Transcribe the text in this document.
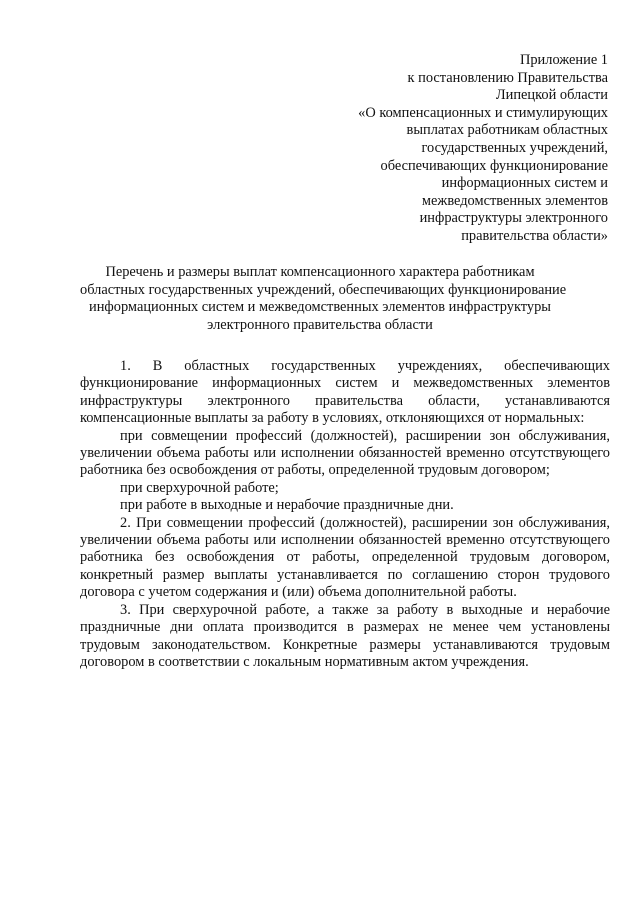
Приложение 1
к постановлению Правительства
Липецкой области
«О компенсационных и стимулирующих
выплатах работникам областных
государственных учреждений,
обеспечивающих функционирование
информационных систем и
межведомственных элементов
инфраструктуры электронного
правительства области»
Перечень и размеры выплат компенсационного характера работникам
областных государственных учреждений, обеспечивающих функционирование
информационных систем и межведомственных элементов инфраструктуры
электронного правительства области

1. В областных государственных учреждениях, обеспечивающих функционирование информационных систем и межведомственных элементов инфраструктуры электронного правительства области, устанавливаются компенсационные выплаты за работу в условиях, отклоняющихся от нормальных:

при совмещении профессий (должностей), расширении зон обслуживания, увеличении объема работы или исполнении обязанностей временно отсутствующего работника без освобождения от работы, определенной трудовым договором;

при сверхурочной работе;

при работе в выходные и нерабочие праздничные дни.

2. При совмещении профессий (должностей), расширении зон обслуживания, увеличении объема работы или исполнении обязанностей временно отсутствующего работника без освобождения от работы, определенной трудовым договором, конкретный размер выплаты устанавливается по соглашению сторон трудового договора с учетом содержания и (или) объема дополнительной работы.

3. При сверхурочной работе, а также за работу в выходные и нерабочие праздничные дни оплата производится в размерах не менее чем установлены трудовым законодательством. Конкретные размеры устанавливаются трудовым договором в соответствии с локальным нормативным актом учреждения.
